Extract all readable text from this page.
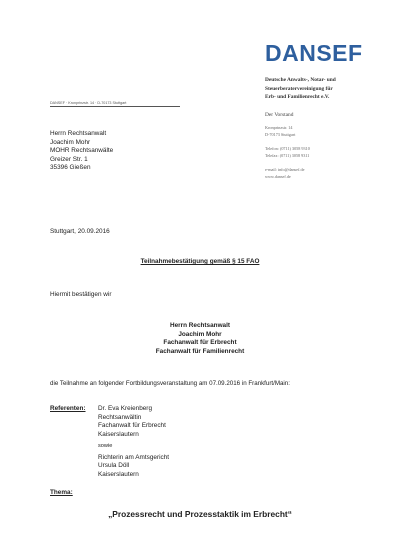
DANSEF
Deutsche Anwalts-, Notar- und
Steuerberatervereinigung für
Erb- und Familienrecht e.V.
Der Vorstand
Kronprinzstr. 14
D-70173 Stuttgart
Telefon: (0711) 3058 9310
Telefax: (0711) 3058 9311
e-mail: info@dansef.de
www.dansef.de
DANSEF · Kronprinzstr. 14 · D-70173 Stuttgart
Herrn Rechtsanwalt
Joachim Mohr
MOHR Rechtsanwälte
Greizer Str. 1
35396 Gießen
Stuttgart, 20.09.2016
Teilnahmebestätigung gemäß § 15 FAO
Hiermit bestätigen wir
Herrn Rechtsanwalt
Joachim Mohr
Fachanwalt für Erbrecht
Fachanwalt für Familienrecht
die Teilnahme an folgender Fortbildungsveranstaltung am 07.09.2016 in Frankfurt/Main:
Referenten: Dr. Eva Kreienberg
Rechtsanwältin
Fachanwalt für Erbrecht
Kaiserslautern
sowie
Richterin am Amtsgericht
Ursula Döll
Kaiserslautern
Thema:
„Prozessrecht und Prozesstaktik im Erbrecht“
